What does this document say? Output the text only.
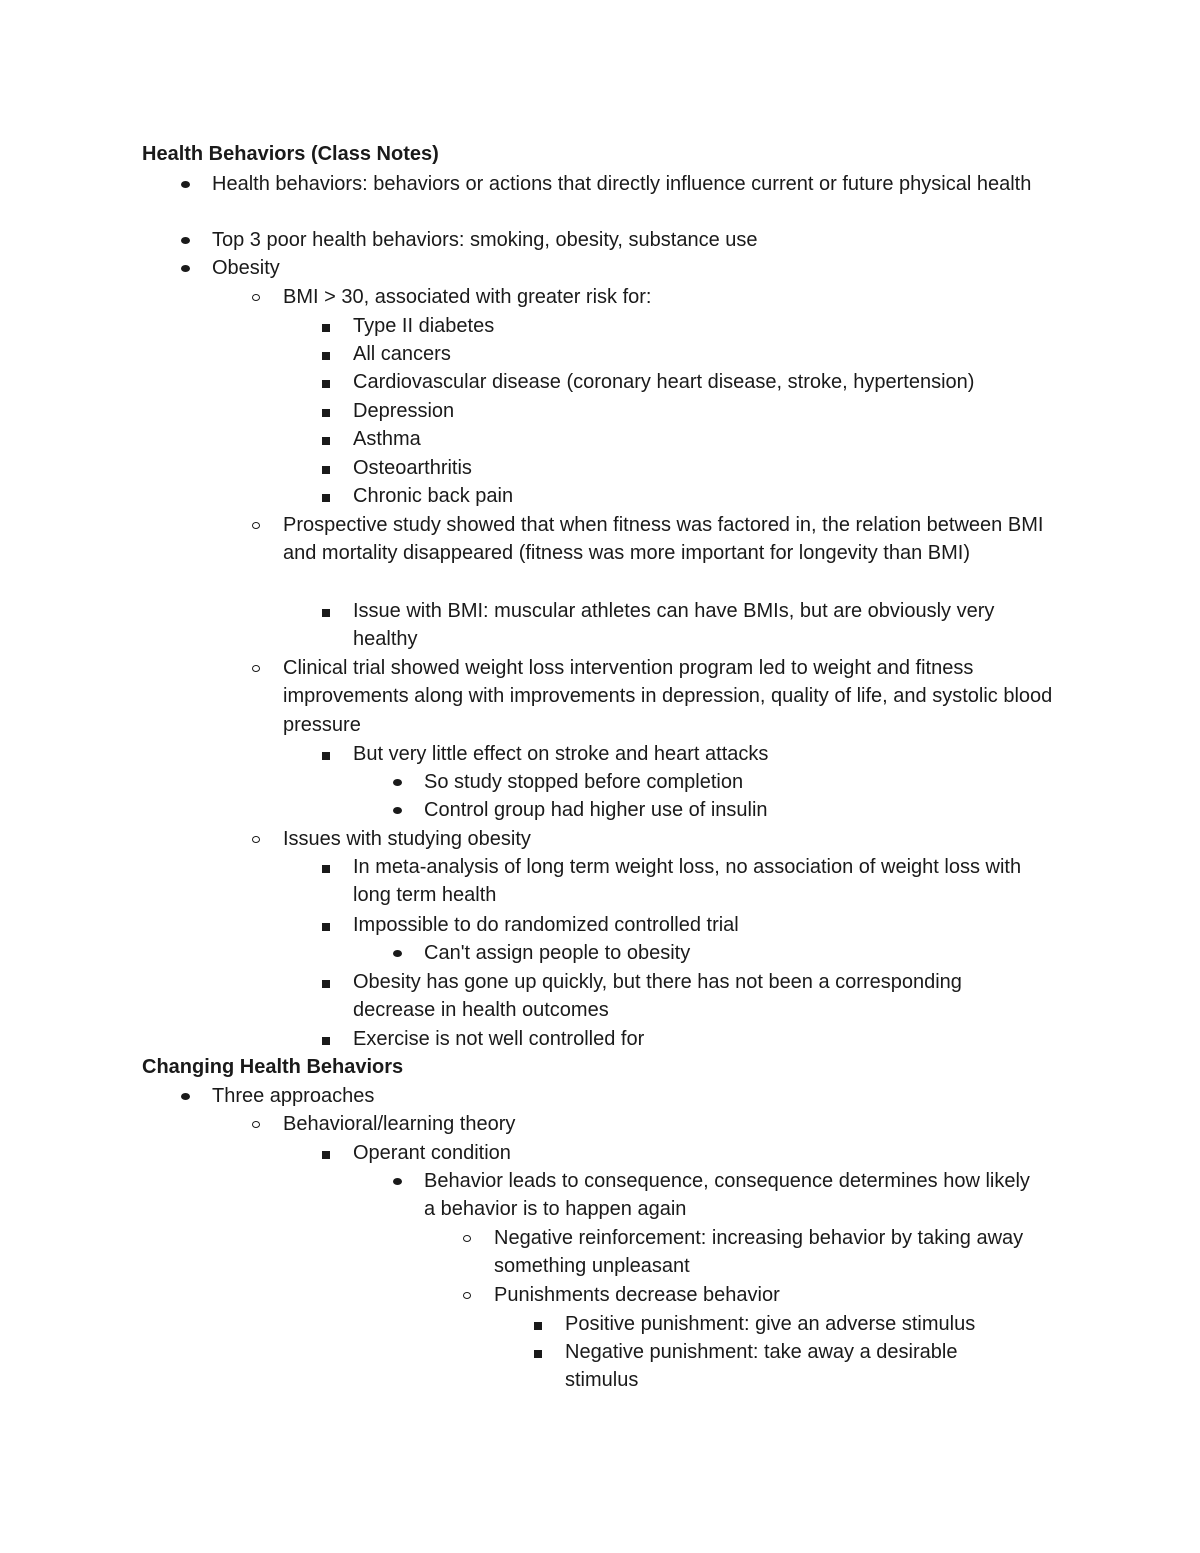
Health Behaviors (Class Notes)
Health behaviors: behaviors or actions that directly influence current or future physical health
Top 3 poor health behaviors: smoking, obesity, substance use
Obesity
BMI > 30, associated with greater risk for:
Type II diabetes
All cancers
Cardiovascular disease (coronary heart disease, stroke, hypertension)
Depression
Asthma
Osteoarthritis
Chronic back pain
Prospective study showed that when fitness was factored in, the relation between BMI and mortality disappeared (fitness was more important for longevity than BMI)
Issue with BMI: muscular athletes can have BMIs, but are obviously very healthy
Clinical trial showed weight loss intervention program led to weight and fitness improvements along with improvements in depression, quality of life, and systolic blood pressure
But very little effect on stroke and heart attacks
So study stopped before completion
Control group had higher use of insulin
Issues with studying obesity
In meta-analysis of long term weight loss, no association of weight loss with long term health
Impossible to do randomized controlled trial
Can't assign people to obesity
Obesity has gone up quickly, but there has not been a corresponding decrease in health outcomes
Exercise is not well controlled for
Changing Health Behaviors
Three approaches
Behavioral/learning theory
Operant condition
Behavior leads to consequence, consequence determines how likely a behavior is to happen again
Negative reinforcement: increasing behavior by taking away something unpleasant
Punishments decrease behavior
Positive punishment: give an adverse stimulus
Negative punishment: take away a desirable stimulus
